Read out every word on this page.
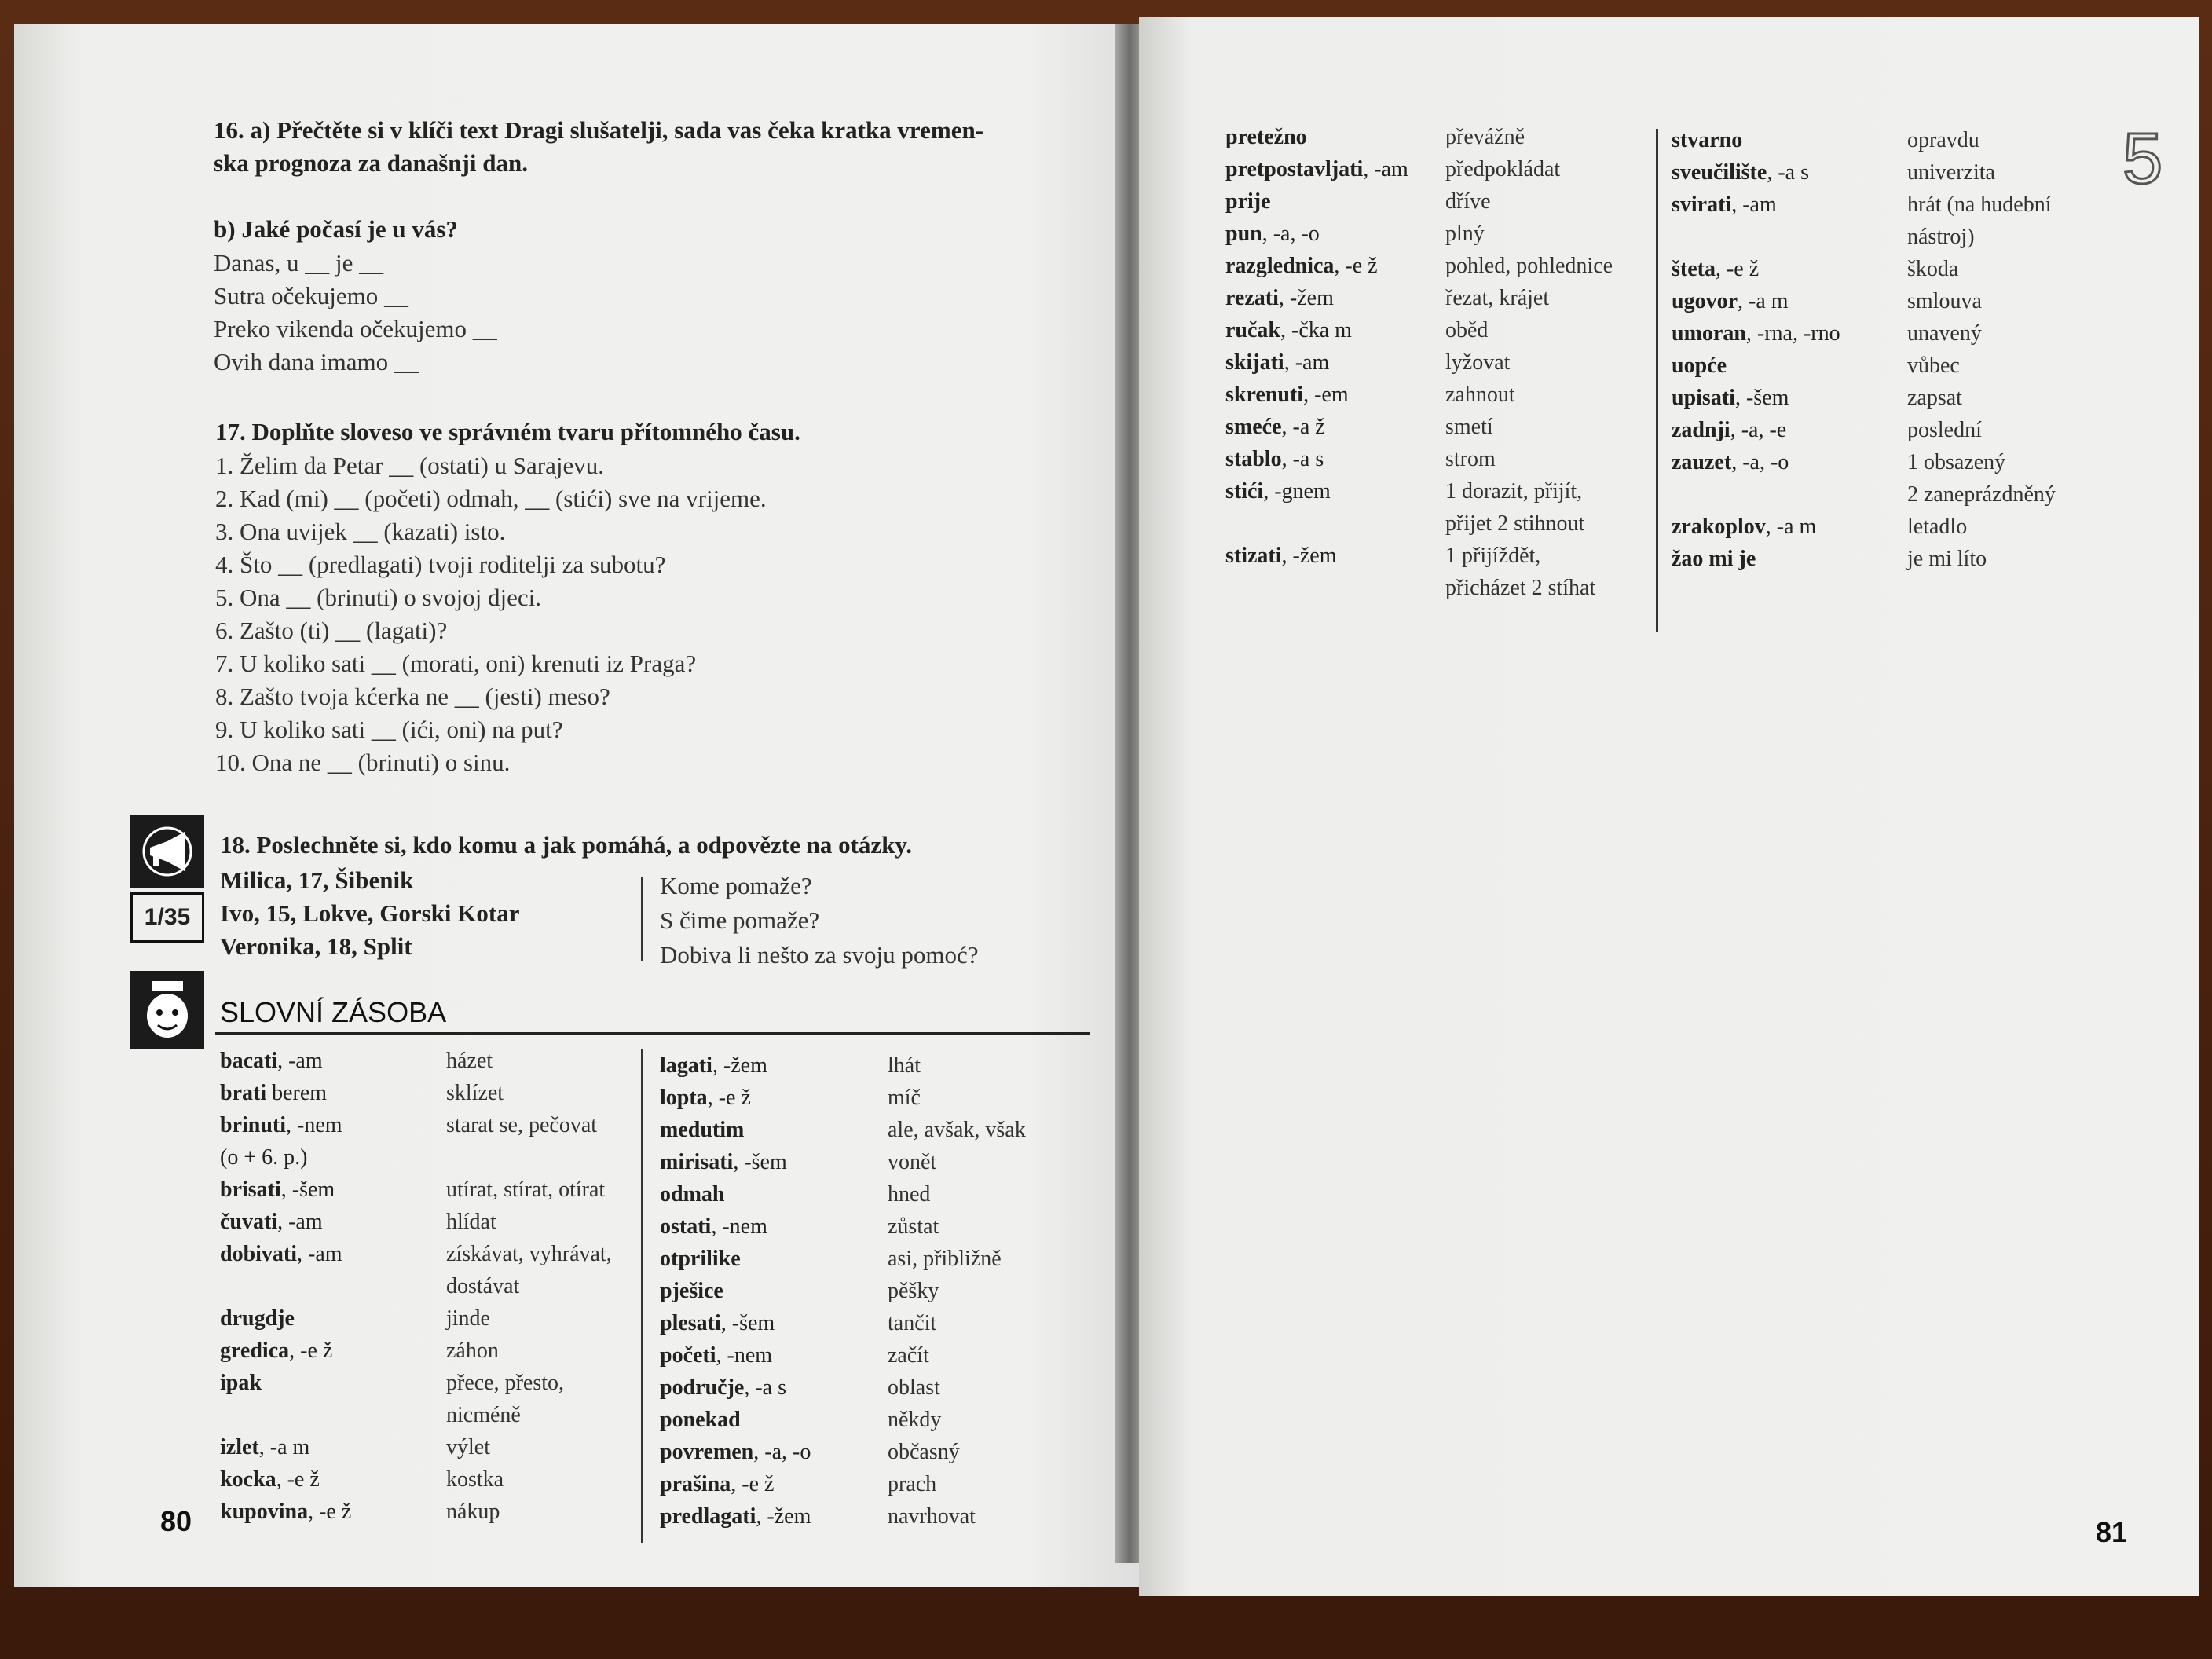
16. a) Přečtěte si v klíči text Dragi slušatelji, sada vas čeka kratka vremen-
ska prognoza za današnji dan.
b) Jaké počasí je u vás?
Danas, u __ je __
Sutra očekujemo __
Preko vikenda očekujemo __
Ovih dana imamo __
17. Doplňte sloveso ve správném tvaru přítomného času.
1. Želim da Petar __ (ostati) u Sarajevu.
2. Kad (mi) __ (početi) odmah, __ (stići) sve na vrijeme.
3. Ona uvijek __ (kazati) isto.
4. Što __ (predlagati) tvoji roditelji za subotu?
5. Ona __ (brinuti) o svojoj djeci.
6. Zašto (ti) __ (lagati)?
7. U koliko sati __ (morati, oni) krenuti iz Praga?
8. Zašto tvoja kćerka ne __ (jesti) meso?
9. U koliko sati __ (ići, oni) na put?
10. Ona ne __ (brinuti) o sinu.
1/35
18. Poslechněte si, kdo komu a jak pomáhá, a odpovězte na otázky.
Milica, 17, Šibenik
Ivo, 15, Lokve, Gorski Kotar
Veronika, 18, Split
Kome pomaže?
S čime pomaže?
Dobiva li nešto za svoju pomoć?
SLOVNÍ ZÁSOBA
bacati, -am	házet
brati berem	sklízet
brinuti, -nem	starat se, pečovat
(o + 6. p.)
brisati, -šem	utírat, stírat, otírat
čuvati, -am	hlídat
dobivati, -am	získávat, vyhrávat,
dostávat
drugdje	jinde
gredica, -e ž	záhon
ipak	přece, přesto,
nicméně
izlet, -a m	výlet
kocka, -e ž	kostka
kupovina, -e ž	nákup
lagati, -žem	lhát
lopta, -e ž	míč
medutim	ale, avšak, však
mirisati, -šem	vonět
odmah	hned
ostati, -nem	zůstat
otprilike	asi, přibližně
pješice	pěšky
plesati, -šem	tančit
početi, -nem	začít
područje, -a s	oblast
ponekad	někdy
povremen, -a, -o	občasný
prašina, -e ž	prach
predlagati, -žem	navrhovat
80
pretežno	převážně
pretpostavljati, -am předpokládat
prije	dříve
pun, -a, -o	plný
razglednica, -e ž	pohled, pohlednice
rezati, -žem	řezat, krájet
ručak, -čka m	oběd
skijati, -am	lyžovat
skrenuti, -em	zahnout
smeće, -a ž	smetí
stablo, -a s	strom
stići, -gnem	1 dorazit, přijít,
přijet 2 stihnout
stizati, -žem	1 přijíždět,
přicházet 2 stíhat
stvarno	opravdu
sveučilište, -a s	univerzita
svirati, -am	hrát (na hudební
nástroj)
šteta, -e ž	škoda
ugovor, -a m	smlouva
umoran, -rna, -rno	unavený
uopće	vůbec
upisati, -šem	zapsat
zadnji, -a, -e	poslední
zauzet, -a, -o	1 obsazený
2 zaneprázdněný
zrakoplov, -a m	letadlo
žao mi je	je mi líto
5
81
